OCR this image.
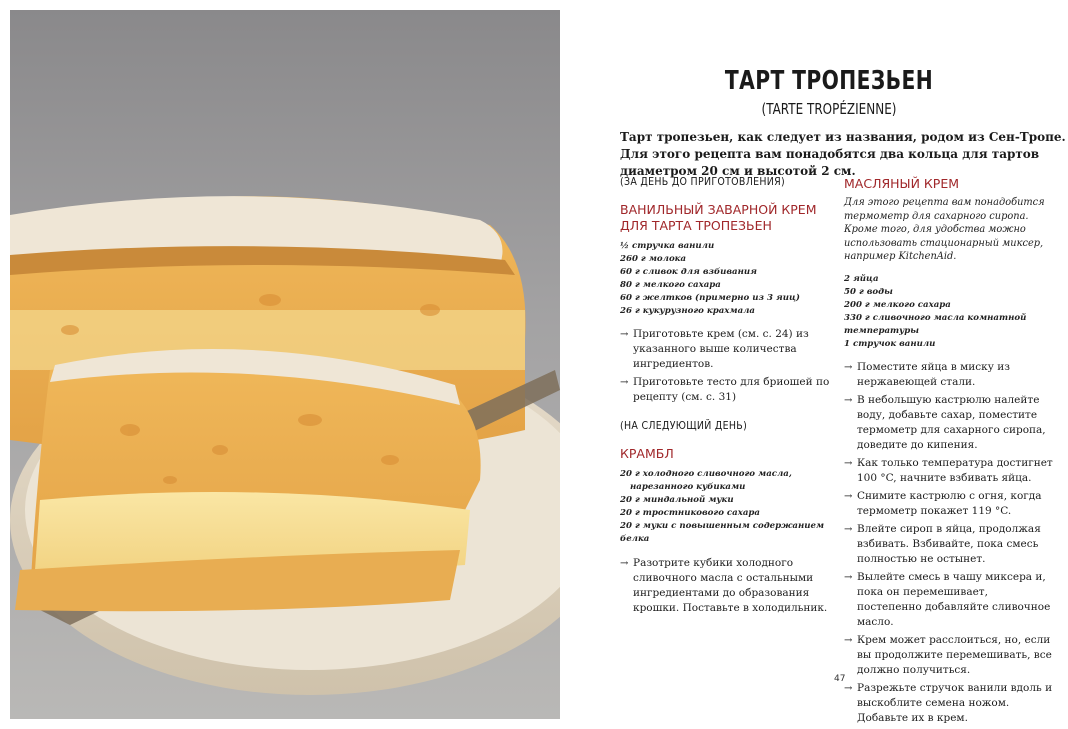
ТАРТ ТРОПЕЗЬЕН
(TARTE TROPÉZIENNE)
Тарт тропезьен, как следует из названия, родом из Сен-Тропе. Для этого рецепта вам понадобятся два кольца для тартов диаметром 20 см и высотой 2 см.
(ЗА ДЕНЬ ДО ПРИГОТОВЛЕНИЯ)
ВАНИЛЬНЫЙ ЗАВАРНОЙ КРЕМ
ДЛЯ ТАРТА ТРОПЕЗЬЕН
½ стручка ванили
260 г молока
60 г сливок для взбивания
80 г мелкого сахара
60 г желтков (примерно из 3 яиц)
26 г кукурузного крахмала
→ Приготовьте крем (см. с. 24) из указанного выше количества ингредиентов.
→ Приготовьте тесто для бриошей по рецепту (см. с. 31)
(НА СЛЕДУЮЩИЙ ДЕНЬ)
КРАМБЛ
20 г холодного сливочного масла,
нарезанного кубиками
20 г миндальной муки
20 г тростникового сахара
20 г муки с повышенным содержанием белка
→ Разотрите кубики холодного сливочного масла с остальными ингредиентами до образования крошки. Поставьте в холодильник.
МАСЛЯНЫЙ КРЕМ
Для этого рецепта вам понадобится термометр для сахарного сиропа. Кроме того, для удобства можно использовать стационарный миксер, например KitchenAid.
2 яйца
50 г воды
200 г мелкого сахара
330 г сливочного масла комнатной температуры
1 стручок ванили
→ Поместите яйца в миску из нержавеющей стали.
→ В небольшую кастрюлю налейте воду, добавьте сахар, поместите термометр для сахарного сиропа, доведите до кипения.
→ Как только температура достигнет 100 °C, начните взбивать яйца.
→ Снимите кастрюлю с огня, когда термометр покажет 119 °C.
→ Влейте сироп в яйца, продолжая взбивать. Взбивайте, пока смесь полностью не остынет.
→ Вылейте смесь в чашу миксера и, пока он перемешивает, постепенно добавляйте сливочное масло.
→ Крем может расслоиться, но, если вы продолжите перемешивать, все должно получиться.
→ Разрежьте стручок ванили вдоль и выскоблите семена ножом. Добавьте их в крем.
47
